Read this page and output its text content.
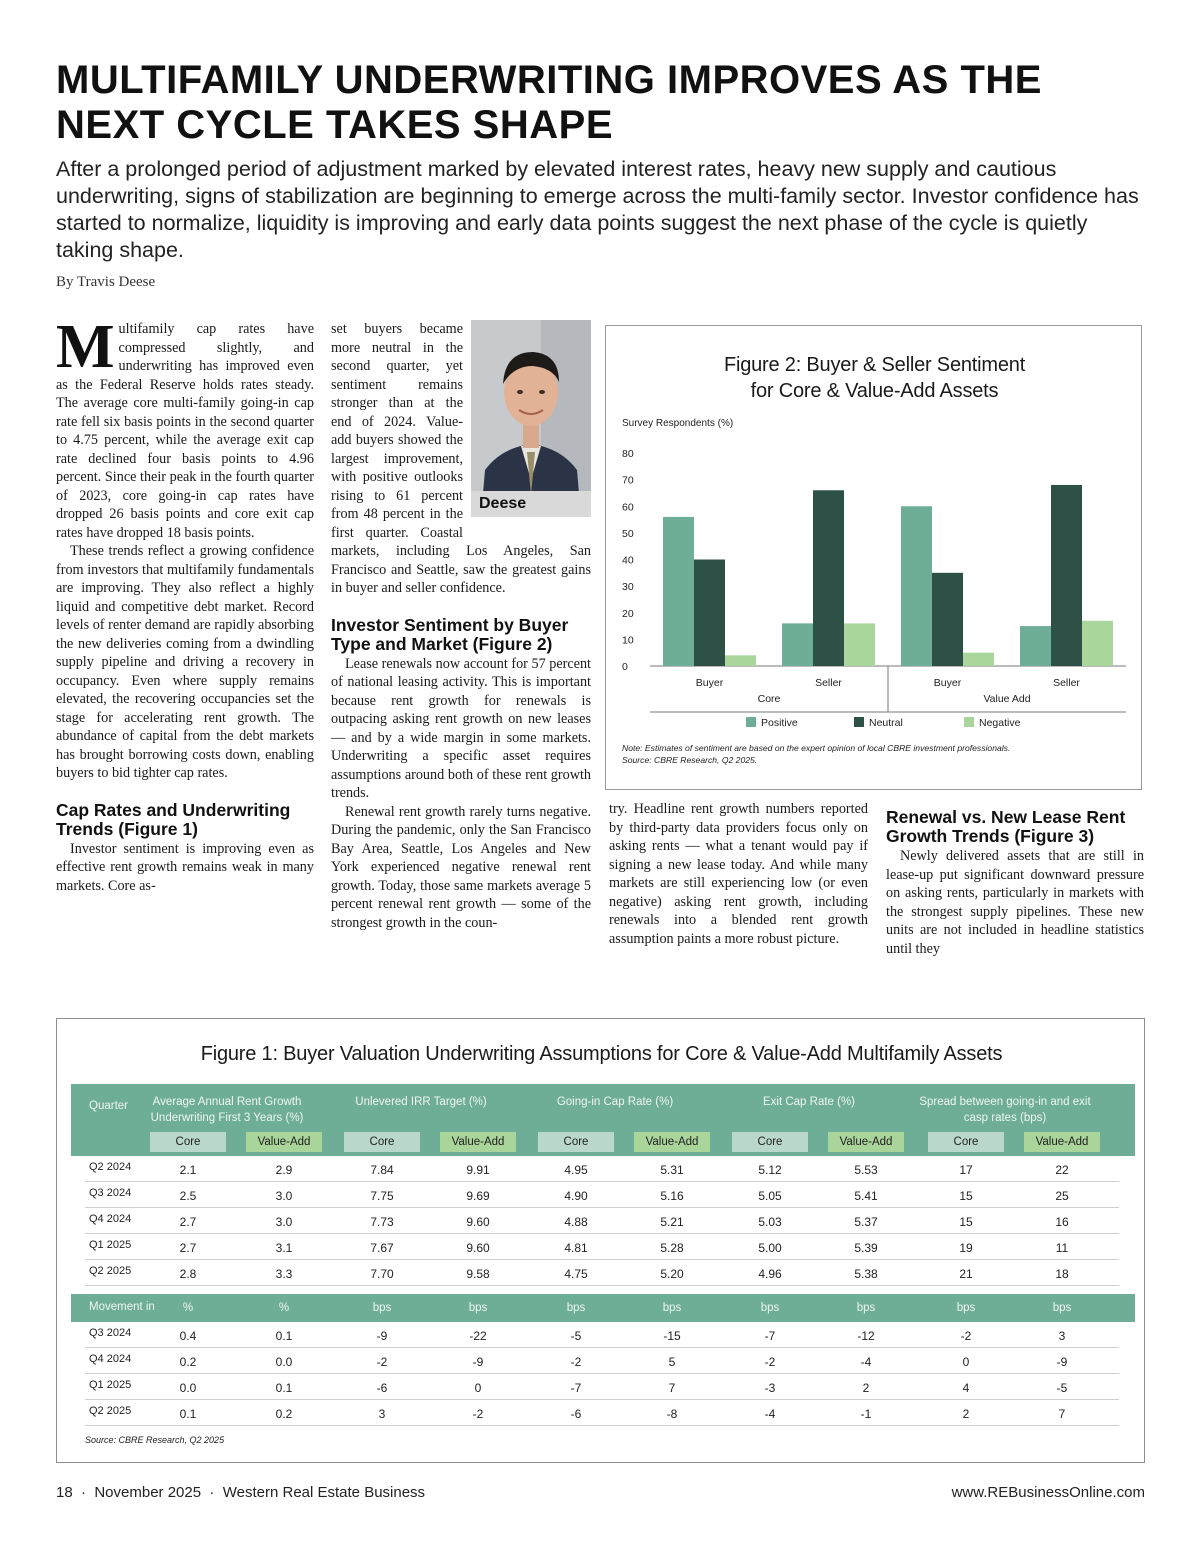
MULTIFAMILY UNDERWRITING IMPROVES AS THE NEXT CYCLE TAKES SHAPE
After a prolonged period of adjustment marked by elevated interest rates, heavy new supply and cautious underwriting, signs of stabilization are beginning to emerge across the multi-family sector. Investor confidence has started to normalize, liquidity is improving and early data points suggest the next phase of the cycle is quietly taking shape.
By Travis Deese

Multifamily cap rates have compressed slightly, and underwriting has improved even as the Federal Reserve holds rates steady. The average core multi-family going-in cap rate fell six basis points in the second quarter to 4.75 percent, while the average exit cap rate declined four basis points to 4.96 percent. Since their peak in the fourth quarter of 2023, core going-in cap rates have dropped 26 basis points and core exit cap rates have dropped 18 basis points.

These trends reflect a growing confidence from investors that multifamily fundamentals are improving. They also reflect a highly liquid and competitive debt market. Record levels of renter demand are rapidly absorbing the new deliveries coming from a dwindling supply pipeline and driving a recovery in occupancy. Even where supply remains elevated, the recovering occupancies set the stage for accelerating rent growth. The abundance of capital from the debt markets has brought borrowing costs down, enabling buyers to bid tighter cap rates.

Cap Rates and Underwriting Trends (Figure 1)

Investor sentiment is improving even as effective rent growth remains weak in many markets. Core as-

Deese

set buyers became more neutral in the second quarter, yet sentiment remains stronger than at the end of 2024. Value-add buyers showed the largest improvement, with positive outlooks rising to 61 percent from 48 percent in the first quarter. Coastal markets, including Los Angeles, San Francisco and Seattle, saw the greatest gains in buyer and seller confidence.

Investor Sentiment by Buyer Type and Market (Figure 2)

Lease renewals now account for 57 percent of national leasing activity. This is important because rent growth for renewals is outpacing asking rent growth on new leases — and by a wide margin in some markets. Underwriting a specific asset requires assumptions around both of these rent growth trends.

Renewal rent growth rarely turns negative. During the pandemic, only the San Francisco Bay Area, Seattle, Los Angeles and New York experienced negative renewal rent growth. Today, those same markets average 5 percent renewal rent growth — some of the strongest growth in the coun-

try. Headline rent growth numbers reported by third-party data providers focus only on asking rents — what a tenant would pay if signing a new lease today. And while many markets are still experiencing low (or even negative) asking rent growth, including renewals into a blended rent growth assumption paints a more robust picture.

Renewal vs. New Lease Rent Growth Trends (Figure 3)

Newly delivered assets that are still in lease-up put significant downward pressure on asking rents, particularly in markets with the strongest supply pipelines. These new units are not included in headline statistics until they

Figure 2: Buyer & Seller Sentiment
for Core & Value-Add Assets
Survey Respondents (%)
0
10
20
30
40
50
60
70
80
Buyer	Seller	Buyer	Seller
Core	Value Add
Positive	Neutral	Negative
Note: Estimates of sentiment are based on the expert opinion of local CBRE investment professionals.
Source: CBRE Research, Q2 2025.
Figure 1: Buyer Valuation Underwriting Assumptions for Core & Value-Add Multifamily Assets
Quarter	Average Annual Rent Growth Underwriting First 3 Years (%)
Unlevered IRR Target (%)	Going-in Cap Rate (%)	Exit Cap Rate (%)	Spread between going-in and exit casp rates (bps)
Core	Value-Add	Core	Value-Add	Core	Value-Add	Core	Value-Add	Core	Value-Add
Q2 2024	2.1	2.9	7.84	9.91	4.95	5.31	5.12	5.53	17	22
Q3 2024	2.5	3.0	7.75	9.69	4.90	5.16	5.05	5.41	15	25
Q4 2024	2.7	3.0	7.73	9.60	4.88	5.21	5.03	5.37	15	16
Q1 2025	2.7	3.1	7.67	9.60	4.81	5.28	5.00	5.39	19	11
Q2 2025	2.8	3.3	7.70	9.58	4.75	5.20	4.96	5.38	21	18
Movement in	%	%	bps	bps	bps	bps	bps	bps	bps	bps
Q3 2024	0.4	0.1	-9	-22	-5	-15	-7	-12	-2	3
Q4 2024	0.2	0.0	-2	-9	-2	5	-2	-4	0	-9
Q1 2025	0.0	0.1	-6	0	-7	7	-3	2	4	-5
Q2 2025	0.1	0.2	3	-2	-6	-8	-4	-1	2	7
Source: CBRE Research, Q2 2025
18  ·  November 2025  ·  Western Real Estate Business	www.REBusinessOnline.com
